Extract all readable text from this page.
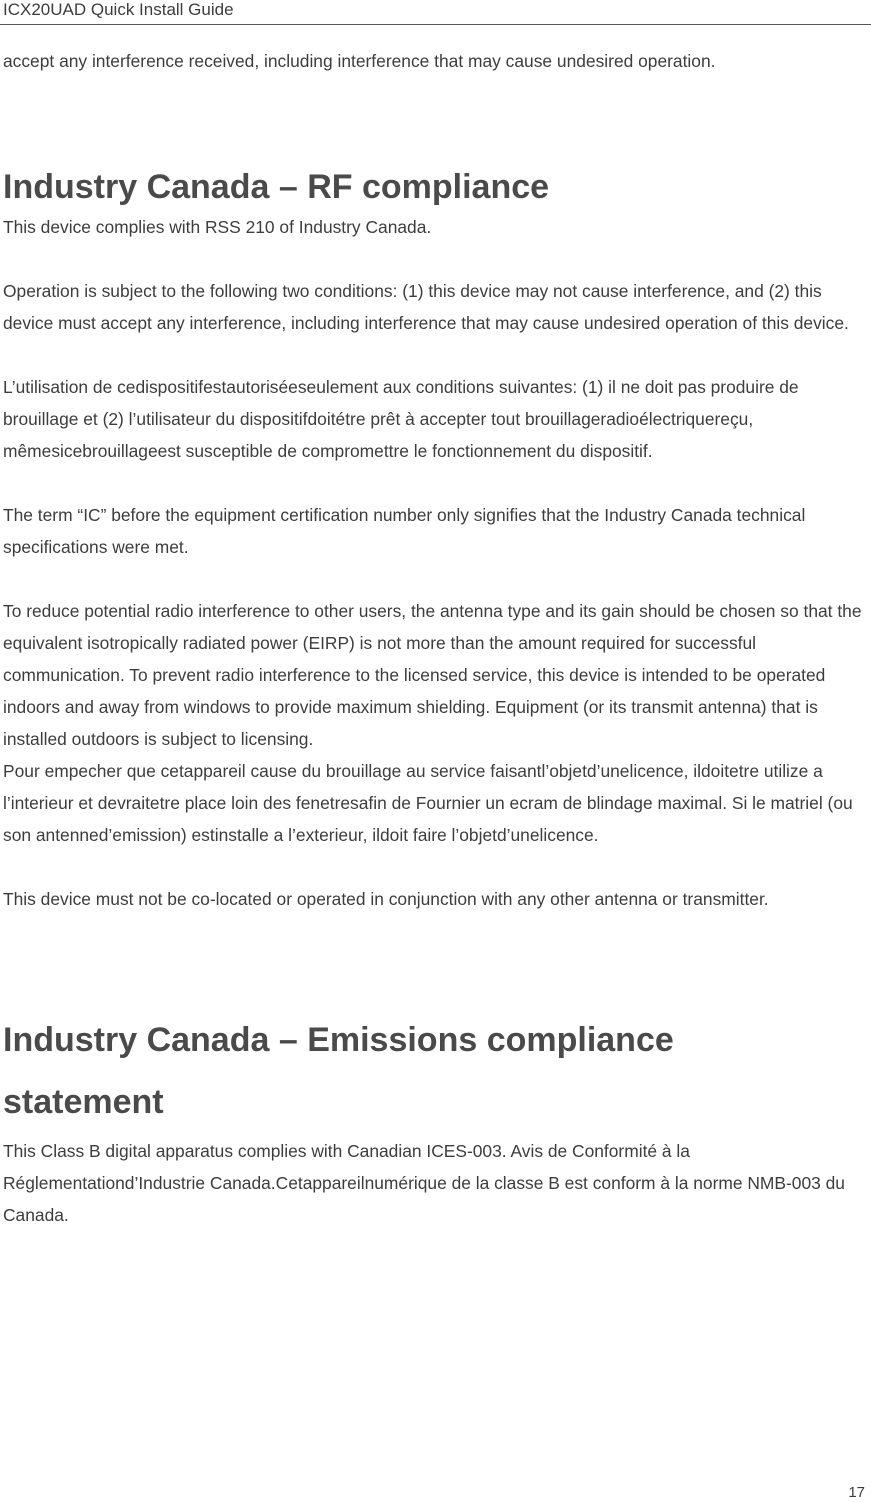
ICX20UAD Quick Install Guide

accept any interference received, including interference that may cause undesired operation.

Industry Canada – RF compliance

This device complies with RSS 210 of Industry Canada.

Operation is subject to the following two conditions: (1) this device may not cause interference, and (2) this device must accept any interference, including interference that may cause undesired operation of this device.

L’utilisation de cedispositifestautoriséeseulement aux conditions suivantes: (1) il ne doit pas produire de brouillage et (2) l’utilisateur du dispositifdoitétre prêt à accepter tout brouillageradioélectriquereçu, mêmesicebrouillageest susceptible de compromettre le fonctionnement du dispositif.

The term “IC” before the equipment certification number only signifies that the Industry Canada technical specifications were met.

To reduce potential radio interference to other users, the antenna type and its gain should be chosen so that the equivalent isotropically radiated power (EIRP) is not more than the amount required for successful communication. To prevent radio interference to the licensed service, this device is intended to be operated indoors and away from windows to provide maximum shielding. Equipment (or its transmit antenna) that is installed outdoors is subject to licensing.

Pour empecher que cetappareil cause du brouillage au service faisantl’objetd’unelicence, ildoitetre utilize a l’interieur et devraitetre place loin des fenetresafin de Fournier un ecram de blindage maximal. Si le matriel (ou son antenned’emission) estinstalle a l’exterieur, ildoit faire l’objetd’unelicence.

This device must not be co-located or operated in conjunction with any other antenna or transmitter.

Industry Canada – Emissions compliance statement

This Class B digital apparatus complies with Canadian ICES-003. Avis de Conformité à la Réglementationd’Industrie Canada.Cetappareilnumérique de la classe B est conform à la norme NMB-003 du Canada.

17
